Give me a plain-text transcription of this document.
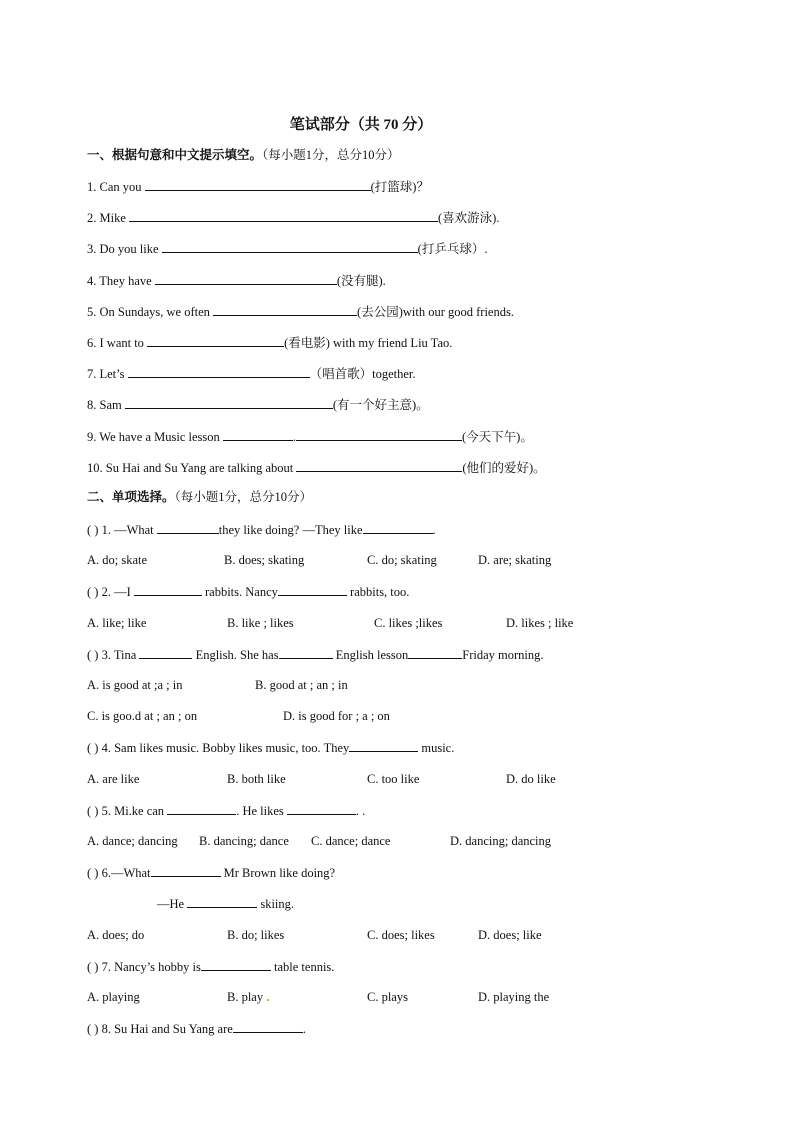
笔试部分（共 70 分）
一、根据句意和中文提示填空。（每小题1分，总分10分）
1. Can you	(打篮球)？
2. Mike	(喜欢游泳).
3. Do you like	(打乒乓球）.
4. They have	(没有腿).
5. On Sundays, we often	(去公园)with our good friends.
6. I want to	(看电影) with my friend Liu Tao.
7. Let’s	（唱首歌）together.
8. Sam	(有一个好主意)。
9. We have a Music lesson	.	(今天下午)。
10. Su Hai and Su Yang are talking about	(他们的爱好)。
二、单项选择。（每小题1分，总分10分）
( ) 1. —What	they like doing? —They like	.
A. do; skate	B. does; skating	C. do; skating	D. are; skating
( ) 2. —I	rabbits. Nancy	rabbits, too.
A. like; like	B. like ; likes	C. likes ;likes	D. likes ; like
( ) 3. Tina	English. She has	English lesson	Friday morning.
A. is good at ;a ; in	B. good at ; an ; in
C. is goo.d at ; an ; on	D. is good for ; a ; on
( ) 4. Sam likes music. Bobby likes music, too. They	music.
A. are like	B. both like	C. too like	D. do like
( ) 5. Mi.ke can	. He likes	. .
A. dance; dancing B. dancing; dance C. dance; dance	D. dancing; dancing
( ) 6.—What	Mr Brown like doing?
—He	skiing.
A. does; do	B. do; likes	C. does; likes	D. does; like
( ) 7. Nancy’s hobby is	table tennis.
A. playing	B. play .	C. plays	D. playing the
( ) 8. Su Hai and Su Yang are	.
